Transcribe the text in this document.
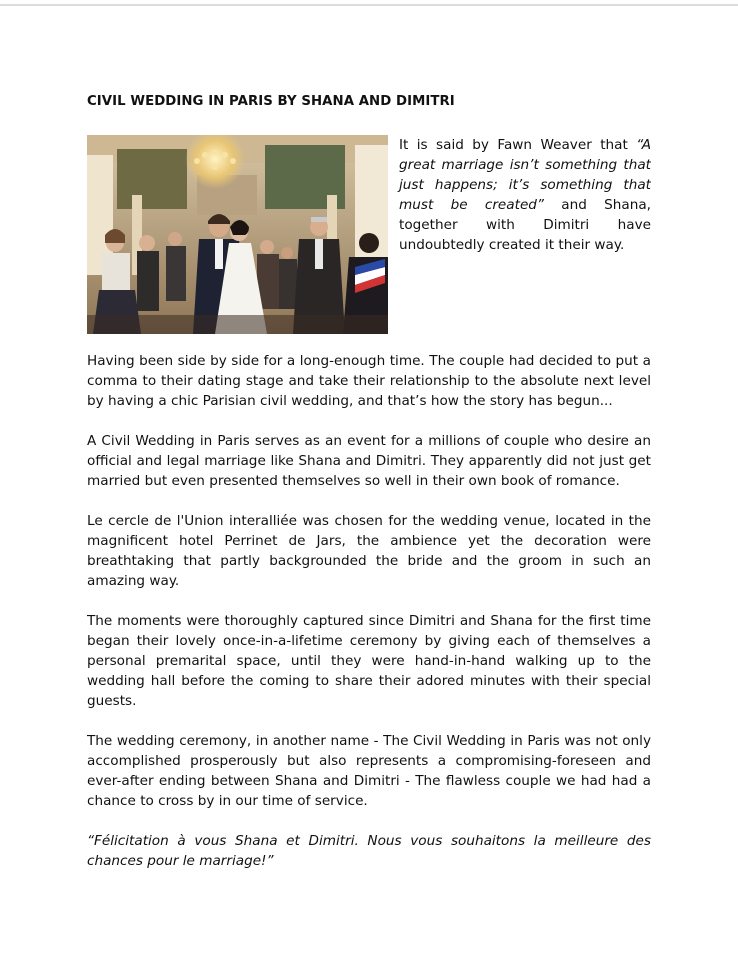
CIVIL WEDDING IN PARIS BY SHANA AND DIMITRI

It is said by Fawn Weaver that “A great marriage isn’t something that just happens; it’s something that must be created” and Shana, together with Dimitri have undoubtedly created it their way.

Having been side by side for a long-enough time. The couple had decided to put a comma to their dating stage and take their relationship to the absolute next level by having a chic Parisian civil wedding, and that’s how the story has begun...

A Civil Wedding in Paris serves as an event for a millions of couple who desire an official and legal marriage like Shana and Dimitri. They apparently did not just get married but even presented themselves so well in their own book of romance.

Le cercle de l'Union interalliée was chosen for the wedding venue, located in the magnificent hotel Perrinet de Jars, the ambience yet the decoration were breathtaking that partly backgrounded the bride and the groom in such an amazing way.

The moments were thoroughly captured since Dimitri and Shana for the first time began their lovely once-in-a-lifetime ceremony by giving each of themselves a personal premarital space, until they were hand-in-hand walking up to the wedding hall before the coming to share their adored minutes with their special guests.

The wedding ceremony, in another name - The Civil Wedding in Paris was not only accomplished prosperously but also represents a compromising-foreseen and ever-after ending between Shana and Dimitri - The flawless couple we had had a chance to cross by in our time of service.

“Félicitation à vous Shana et Dimitri. Nous vous souhaitons la meilleure des chances pour le marriage!”
